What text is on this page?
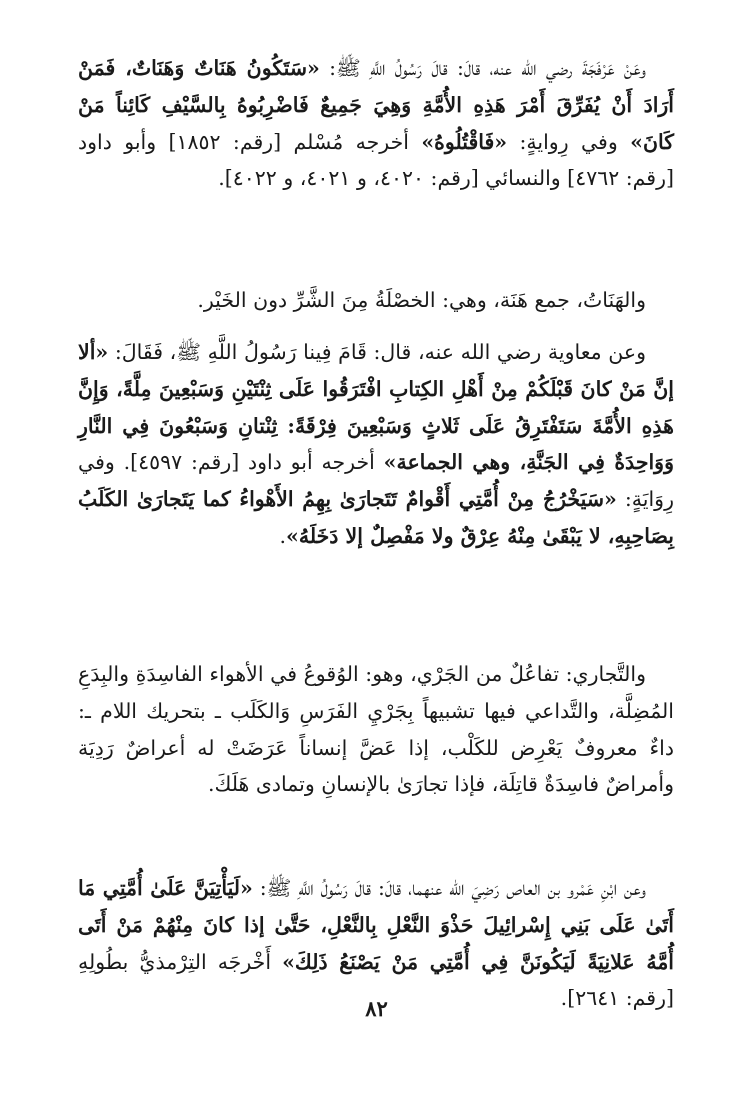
وعَنْ عَرْفَجَةَ رضي الله عنه، قالَ: قالَ رَسُولُ اللَّهِ ﷺ: «سَتَكُونُ هَنَاتٌ وَهَنَاتٌ، فَمَنْ أَرَادَ أَنْ يُفَرِّقَ أَمْرَ هَذِهِ الأُمَّةِ وَهِيَ جَمِيعٌ فَاضْرِبُوهُ بِالسَّيْفِ كَائِناً مَنْ كَانَ» وفي رِوايةٍ: «فَاقْتُلُوهُ» أخرجه مُسْلم [رقم: ١٨٥٢] وأبو داود [رقم: ٤٧٦٢] والنسائي [رقم: ٤٠٢٠، و ٤٠٢١، و ٤٠٢٢].

والهَنَاتُ، جمع هَنَة، وهي: الخصْلَةُ مِنَ الشَّرِّ دون الخَيْر.

وعن معاوية رضي الله عنه، قال: قَامَ فِينا رَسُولُ اللَّهِ ﷺ، فَقَالَ: «ألا إنَّ مَنْ كانَ قَبْلَكُمْ مِنْ أَهْلِ الكِتابِ افْتَرَقُوا عَلَى ثِنْتَيْنِ وَسَبْعِينَ مِلَّةً، وَإِنَّ هَذِهِ الأُمَّةَ سَتَفْتَرِقُ عَلَى ثَلاثٍ وَسَبْعِينَ فِرْقَةً: ثِنْتانِ وَسَبْعُونَ فِي النَّارِ وَوَاحِدَةٌ فِي الجَنَّةِ، وهي الجماعة» أخرجه أبو داود [رقم: ٤٥٩٧]. وفي رِوَايَةٍ: «سَيَخْرُجُ مِنْ أُمَّتِي أَقْوامٌ تَتَجارَىٰ بِهِمُ الأَهْواءُ كما يَتَجارَىٰ الكَلَبُ بِصَاحِبِهِ، لا يَبْقَىٰ مِنْهُ عِرْقٌ ولا مَفْصِلٌ إلا دَخَلَهُ».

والتَّجاري: تفاعُلٌ من الجَرْي، وهو: الوُقوعُ في الأهواء الفاسِدَةِ والبِدَعِ المُضِلَّة، والتَّداعي فيها تشبيهاً بِجَرْيِ الفَرَسِ وَالكَلَب ـ بتحريك اللام ـ: داءٌ معروفٌ يَعْرِض للكَلْب، إذا عَضَّ إنساناً عَرَضَتْ له أعراضٌ رَدِيَة وأمراضٌ فاسِدَةٌ قاتِلَة، فإذا تجارَىٰ بالإنسانِ وتمادى هَلَكَ.

وعن ابْنِ عَمْرو بن العاص رَضِيَ الله عنهما، قالَ: قالَ رَسُولُ اللَّهِ ﷺ: «لَيَأْتِيَنَّ عَلَىٰ أُمَّتِي مَا أَتَىٰ عَلَى بَنِي إِسْرائِيلَ حَذْوَ النَّعْلِ بِالنَّعْلِ، حَتَّىٰ إذا كانَ مِنْهُمْ مَنْ أَتَى أُمَّهُ عَلانِيَةً لَيَكُونَنَّ فِي أُمَّتِي مَنْ يَصْنَعُ ذَلِكَ» أَخْرجَه التِرْمذيُّ بطُولِهِ [رقم: ٢٦٤١].

٨٢
